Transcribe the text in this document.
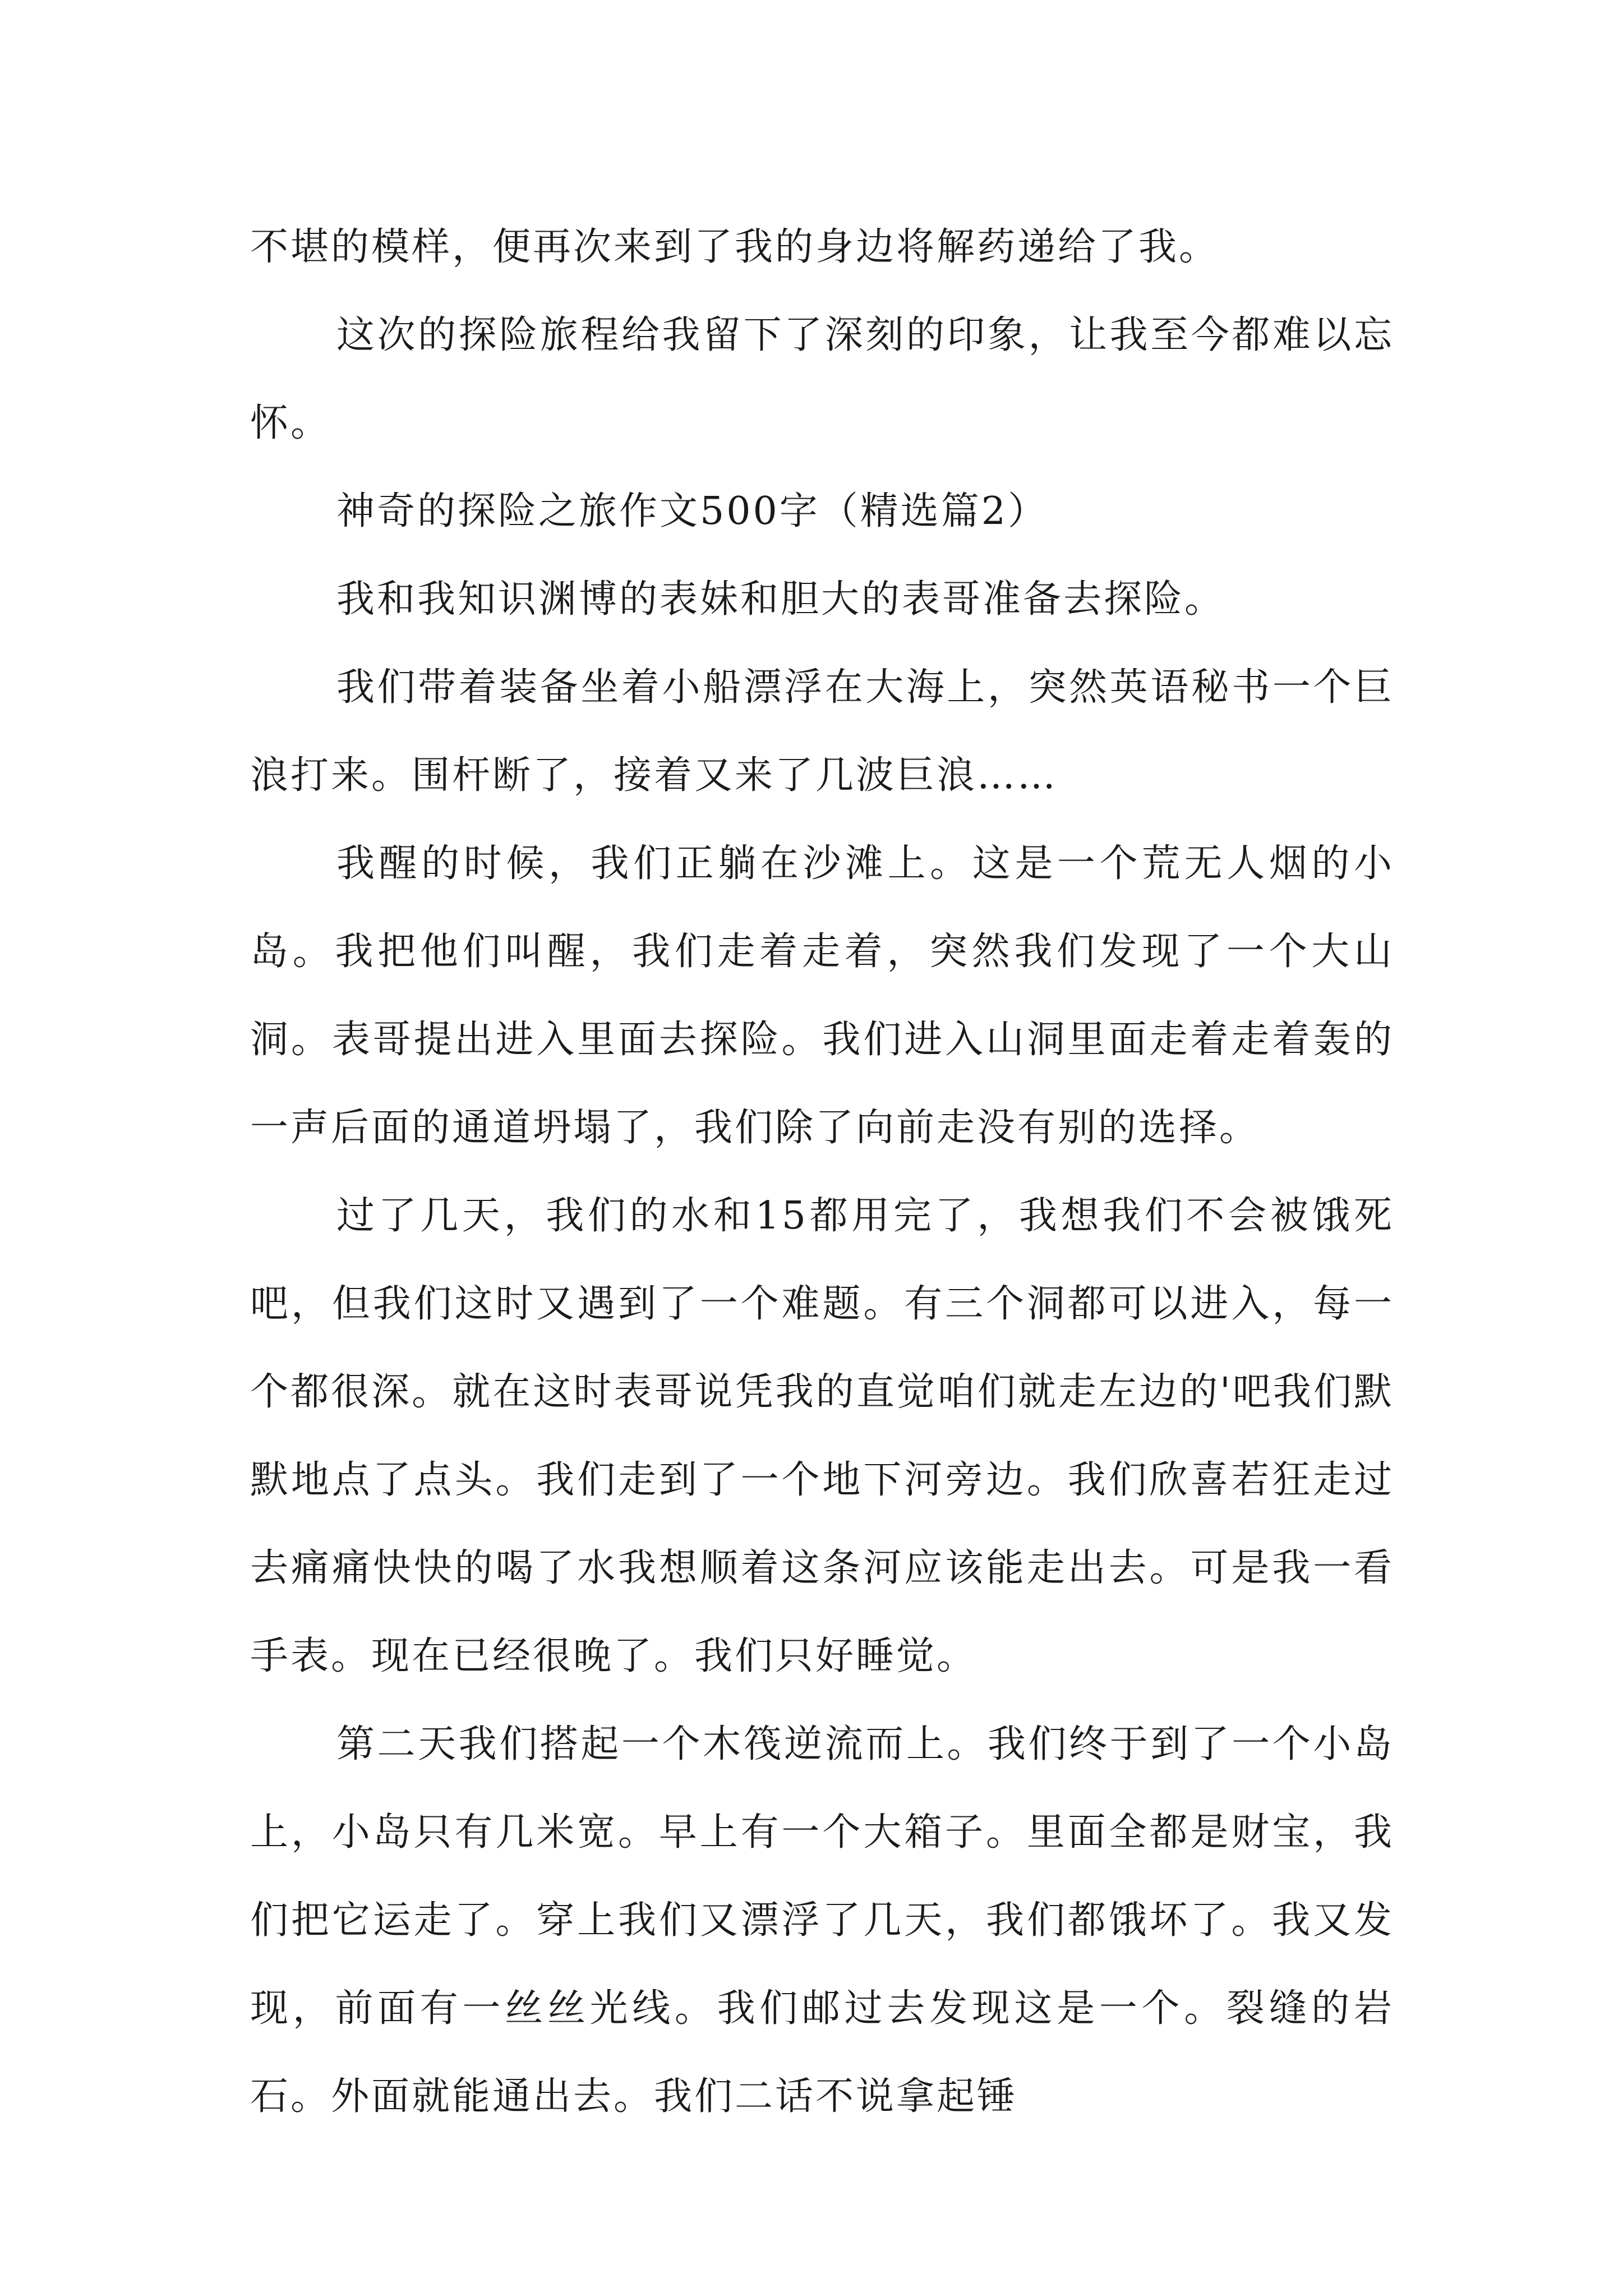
不堪的模样，便再次来到了我的身边将解药递给了我。

这次的探险旅程给我留下了深刻的印象，让我至今都难以忘怀。

神奇的探险之旅作文500字（精选篇2）

我和我知识渊博的表妹和胆大的表哥准备去探险。

我们带着装备坐着小船漂浮在大海上，突然英语秘书一个巨浪打来。围杆断了，接着又来了几波巨浪……

我醒的时候，我们正躺在沙滩上。这是一个荒无人烟的小岛。我把他们叫醒，我们走着走着，突然我们发现了一个大山洞。表哥提出进入里面去探险。我们进入山洞里面走着走着轰的一声后面的通道坍塌了，我们除了向前走没有别的选择。

过了几天，我们的水和15都用完了，我想我们不会被饿死吧，但我们这时又遇到了一个难题。有三个洞都可以进入，每一个都很深。就在这时表哥说凭我的直觉咱们就走左边的'吧我们默默地点了点头。我们走到了一个地下河旁边。我们欣喜若狂走过去痛痛快快的喝了水我想顺着这条河应该能走出去。可是我一看手表。现在已经很晚了。我们只好睡觉。

第二天我们搭起一个木筏逆流而上。我们终于到了一个小岛上，小岛只有几米宽。早上有一个大箱子。里面全都是财宝，我们把它运走了。穿上我们又漂浮了几天，我们都饿坏了。我又发现，前面有一丝丝光线。我们邮过去发现这是一个。裂缝的岩石。外面就能通出去。我们二话不说拿起锤
